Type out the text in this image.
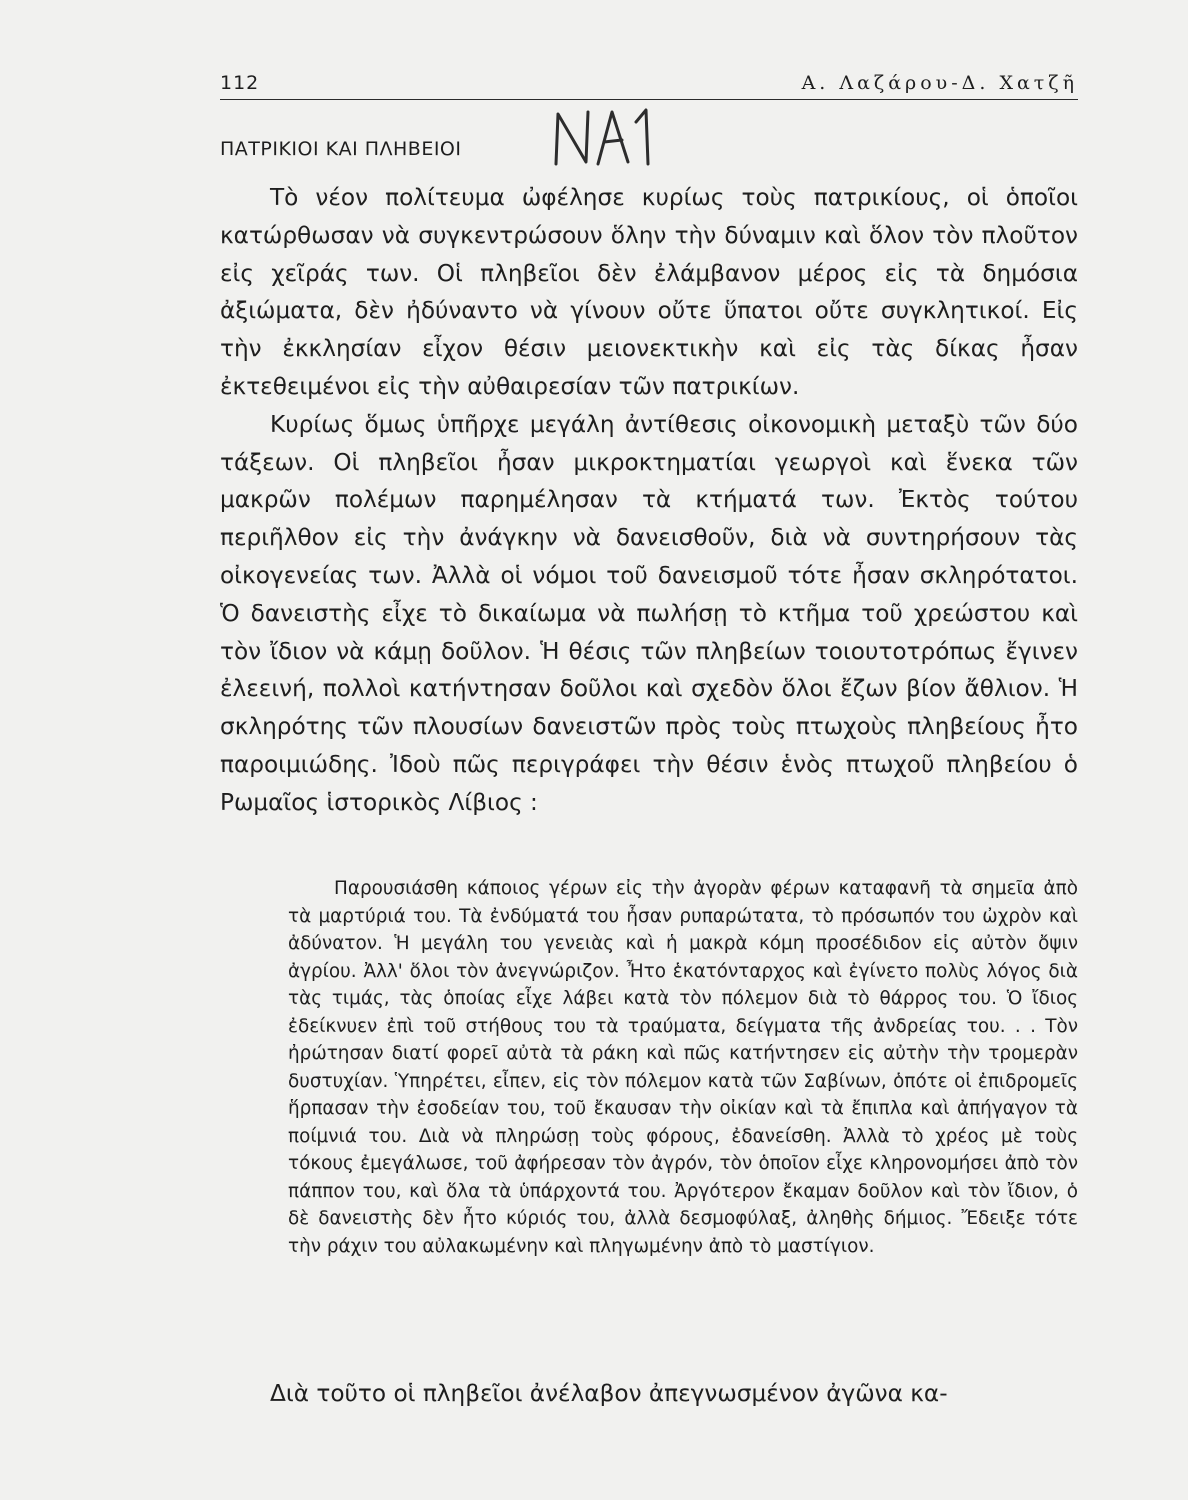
112	Α. Λαζάρου-Δ. Χατζῆ
ΠΑΤΡΙΚΙΟΙ ΚΑΙ ΠΛΗΒΕΙΟΙ

Τὸ νέον πολίτευμα ὠφέλησε κυρίως τοὺς πατρικίους, οἱ ὁποῖοι κατώρθωσαν νὰ συγκεντρώσουν ὅλην τὴν δύναμιν καὶ ὅλον τὸν πλοῦτον εἰς χεῖράς των. Οἱ πληβεῖοι δὲν ἐλάμβανον μέρος εἰς τὰ δημόσια ἀξιώματα, δὲν ἠδύναντο νὰ γίνουν οὔτε ὕπατοι οὔτε συγκλητικοί. Εἰς τὴν ἐκκλησίαν εἶχον θέσιν μειονεκτικὴν καὶ εἰς τὰς δίκας ἦσαν ἐκτεθειμένοι εἰς τὴν αὐθαιρεσίαν τῶν πατρικίων.

Κυρίως ὅμως ὑπῆρχε μεγάλη ἀντίθεσις οἰκονομικὴ μεταξὺ τῶν δύο τάξεων. Οἱ πληβεῖοι ἦσαν μικροκτηματίαι γεωργοὶ καὶ ἕνεκα τῶν μακρῶν πολέμων παρημέλησαν τὰ κτήματά των. Ἐκτὸς τούτου περιῆλθον εἰς τὴν ἀνάγκην νὰ δανεισθοῦν, διὰ νὰ συντηρήσουν τὰς οἰκογενείας των. Ἀλλὰ οἱ νόμοι τοῦ δανεισμοῦ τότε ἦσαν σκληρότατοι. Ὁ δανειστὴς εἶχε τὸ δικαίωμα νὰ πωλήσῃ τὸ κτῆμα τοῦ χρεώστου καὶ τὸν ἴδιον νὰ κάμῃ δοῦλον. Ἡ θέσις τῶν πληβείων τοιουτοτρόπως ἔγινεν ἐλεεινή, πολλοὶ κατήντησαν δοῦλοι καὶ σχεδὸν ὅλοι ἔζων βίον ἄθλιον. Ἡ σκληρότης τῶν πλουσίων δανειστῶν πρὸς τοὺς πτωχοὺς πληβείους ἦτο παροιμιώδης. Ἰδοὺ πῶς περιγράφει τὴν θέσιν ἑνὸς πτωχοῦ πληβείου ὁ Ρωμαῖος ἱστορικὸς Λίβιος :

Παρουσιάσθη κάποιος γέρων εἰς τὴν ἀγορὰν φέρων καταφανῆ τὰ σημεῖα ἀπὸ τὰ μαρτύριά του. Τὰ ἐνδύματά του ἦσαν ρυπαρώτατα, τὸ πρόσωπόν του ὠχρὸν καὶ ἀδύνατον. Ἡ μεγάλη του γενειὰς καὶ ἡ μακρὰ κόμη προσέδιδον εἰς αὐτὸν ὄψιν ἀγρίου. Ἀλλ' ὅλοι τὸν ἀνεγνώριζον. Ἦτο ἑκατόνταρχος καὶ ἐγίνετο πολὺς λόγος διὰ τὰς τιμάς, τὰς ὁποίας εἶχε λάβει κατὰ τὸν πόλεμον διὰ τὸ θάρρος του. Ὁ ἴδιος ἐδείκνυεν ἐπὶ τοῦ στήθους του τὰ τραύματα, δείγματα τῆς ἀνδρείας του. . . Τὸν ἠρώτησαν διατί φορεῖ αὐτὰ τὰ ράκη καὶ πῶς κατήντησεν εἰς αὐτὴν τὴν τρομερὰν δυστυχίαν. Ὑπηρέτει, εἶπεν, εἰς τὸν πόλεμον κατὰ τῶν Σαβίνων, ὁπότε οἱ ἐπιδρομεῖς ἥρπασαν τὴν ἐσοδείαν του, τοῦ ἔκαυσαν τὴν οἰκίαν καὶ τὰ ἔπιπλα καὶ ἀπήγαγον τὰ ποίμνιά του. Διὰ νὰ πληρώσῃ τοὺς φόρους, ἐδανείσθη. Ἀλλὰ τὸ χρέος μὲ τοὺς τόκους ἐμεγάλωσε, τοῦ ἀφήρεσαν τὸν ἀγρόν, τὸν ὁποῖον εἶχε κληρονομήσει ἀπὸ τὸν πάππον του, καὶ ὅλα τὰ ὑπάρχοντά του. Ἀργότερον ἔκαμαν δοῦλον καὶ τὸν ἴδιον, ὁ δὲ δανειστὴς δὲν ἦτο κύριός του, ἀλλὰ δεσμοφύλαξ, ἀληθὴς δήμιος. Ἔδειξε τότε τὴν ράχιν του αὐλακωμένην καὶ πληγωμένην ἀπὸ τὸ μαστίγιον.

Διὰ τοῦτο οἱ πληβεῖοι ἀνέλαβον ἀπεγνωσμένον ἀγῶνα κα-
